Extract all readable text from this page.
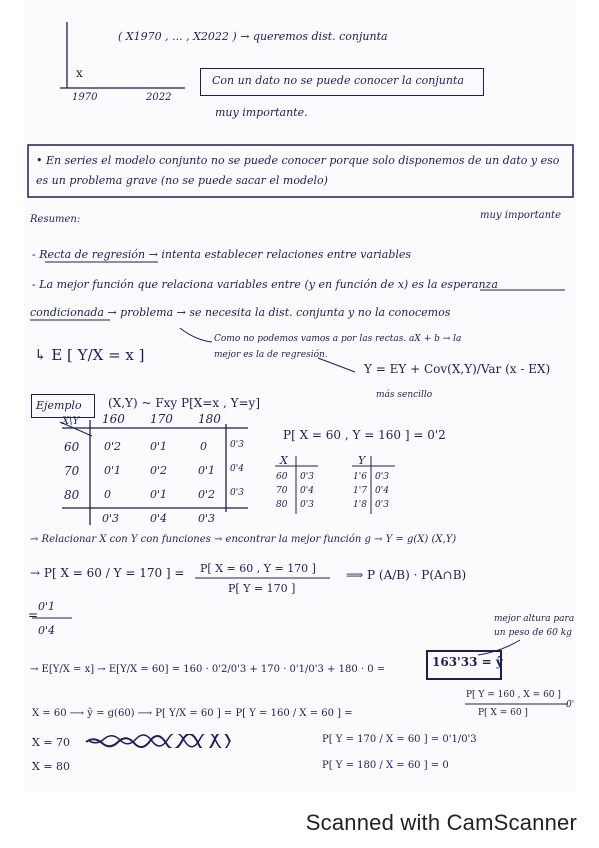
x
1970	2022
( X1970 , ... , X2022 ) → queremos dist. conjunta
Con un dato no se puede conocer la conjunta
muy importante.
• En series el modelo conjunto no se puede conocer porque solo disponemos de un dato y eso es un problema grave (no se puede sacar el modelo)
Resumen:	muy importante
- Recta de regresión → intenta establecer relaciones entre variables
- La mejor función que relaciona variables entre (y en función de x) es la esperanza
condicionada → problema → se necesita la dist. conjunta y no la conocemos
↳ E [ Y/X = x ]
Como no podemos vamos a por las rectas. aX + b → la
mejor es la de regresión.
Y = EY + Cov(X,Y)/Var (x - EX)
más sencillo
Ejemplo (X,Y) ~ Fxy P[X=x , Y=y]
P[ X = 60 , Y = 160 ] = 0'2
X\Y 160 170 180
60 0'2	0'1	0	0'3
70 0'1	0'2	0'1 0'4
80 0	0'1	0'2 0'3
0'3	0'4	0'3
X
60 0'3
70 0'4
80 0'3
Y
1'6 0'3
1'7 0'4
1'8 0'3
→ Relacionar X con Y con funciones → encontrar la mejor función g → Y = g(X) (X,Y)
→ P[ X = 60 / Y = 170 ] = P[ X = 60 , Y = 170 ]
P[ Y = 170 ]
⟹ P (A/B) · P(A∩B)
=
0'1
0'4
mejor altura para
un peso de 60 kg
→ E[Y/X = x] → E[Y/X = 60] = 160 · 0'2/0'3 + 170 · 0'1/0'3 + 180 · 0 =
163'33 = ŷ
X = 60 ⟶ ŷ = g(60) ⟶ P[ Y/X = 60 ] = P[ Y = 160 / X = 60 ] =
P[ Y = 160 , X = 60 ]
P[ X = 60 ]
0'
X = 70	P[ Y = 170 / X = 60 ] = 0'1/0'3
X = 80	P[ Y = 180 / X = 60 ] = 0
Scanned with CamScanner
